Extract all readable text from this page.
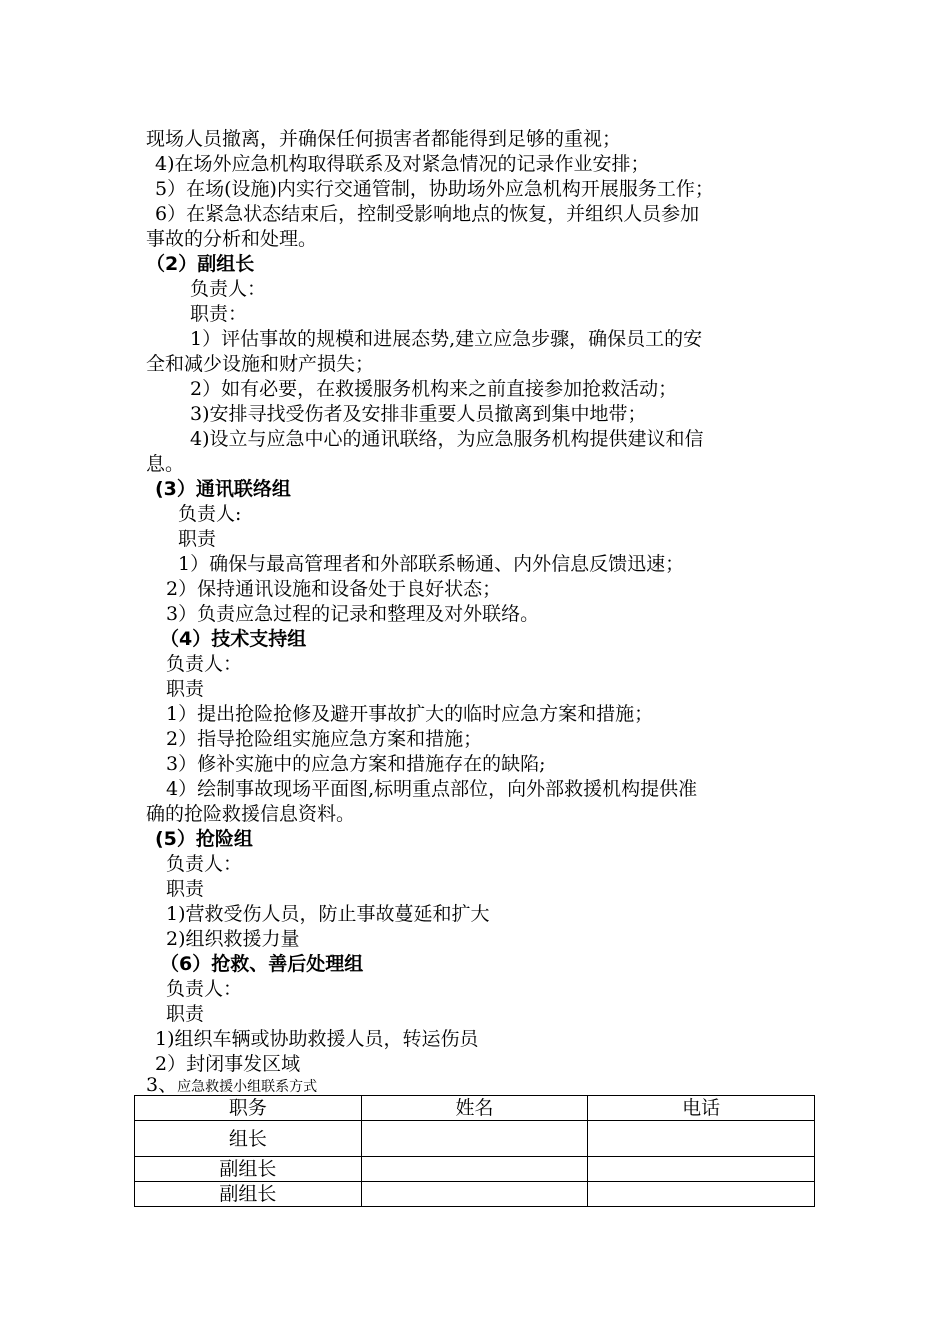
现场人员撤离，并确保任何损害者都能得到足够的重视；
4)在场外应急机构取得联系及对紧急情况的记录作业安排；
5）在场(设施)内实行交通管制，协助场外应急机构开展服务工作；
6）在紧急状态结束后，控制受影响地点的恢复，并组织人员参加
事故的分析和处理。
（2）副组长
负责人：
职责：
1）评估事故的规模和进展态势,建立应急步骤，确保员工的安
全和减少设施和财产损失；
2）如有必要，在救援服务机构来之前直接参加抢救活动；
3)安排寻找受伤者及安排非重要人员撤离到集中地带；
4)设立与应急中心的通讯联络，为应急服务机构提供建议和信
息。
(3）通讯联络组
负责人:
职责
1）确保与最高管理者和外部联系畅通、内外信息反馈迅速；
2）保持通讯设施和设备处于良好状态；
3）负责应急过程的记录和整理及对外联络。
（4）技术支持组
负责人：
职责
1）提出抢险抢修及避开事故扩大的临时应急方案和措施；
2）指导抢险组实施应急方案和措施；
3）修补实施中的应急方案和措施存在的缺陷;
4）绘制事故现场平面图,标明重点部位，向外部救援机构提供准
确的抢险救援信息资料。
(5）抢险组
负责人：
职责
1)营救受伤人员，防止事故蔓延和扩大
2)组织救援力量
（6）抢救、善后处理组
负责人：
职责
1)组织车辆或协助救援人员，转运伤员
2）封闭事发区域
3、应急救援小组联系方式
职务	姓名	电话
组长		
副组长		
副组长		
